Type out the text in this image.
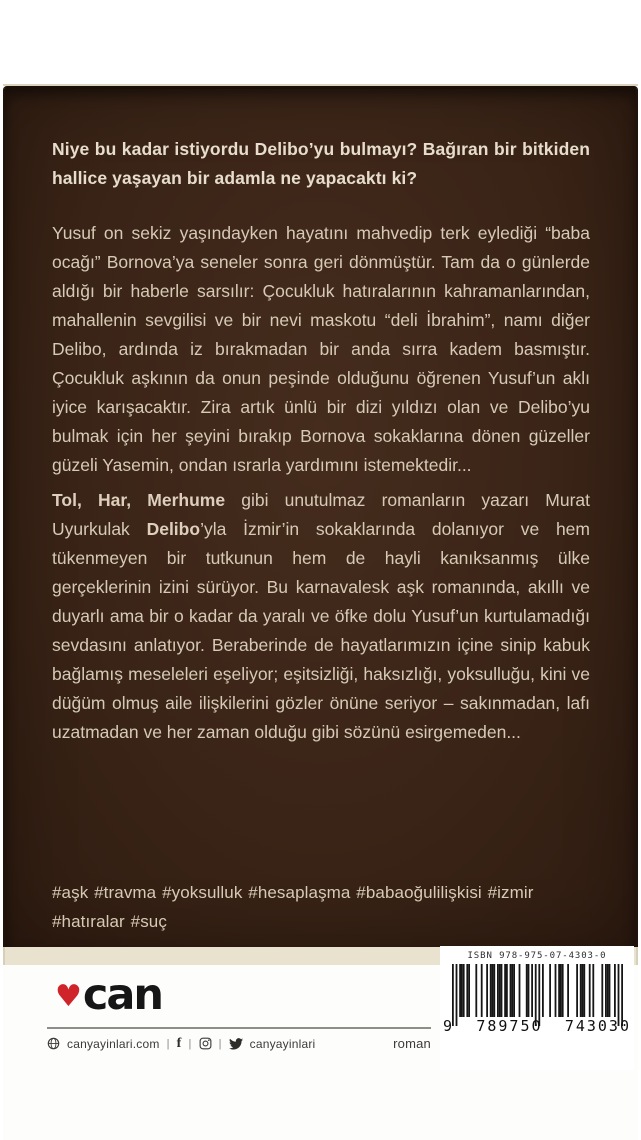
Niye bu kadar istiyordu Delibo’yu bulmayı? Bağıran bir bitkiden hallice yaşayan bir adamla ne yapacaktı ki?

Yusuf on sekiz yaşındayken hayatını mahvedip terk eylediği “baba ocağı” Bornova’ya seneler sonra geri dönmüştür. Tam da o günlerde aldığı bir haberle sarsılır: Çocukluk hatıralarının kahramanlarından, mahallenin sevgilisi ve bir nevi maskotu “deli İbrahim”, namı diğer Delibo, ardında iz bırakmadan bir anda sırra kadem basmıştır. Çocukluk aşkının da onun peşinde olduğunu öğrenen Yusuf’un aklı iyice karışacaktır. Zira artık ünlü bir dizi yıldızı olan ve Delibo’yu bulmak için her şeyini bırakıp Bornova sokaklarına dönen güzeller güzeli Yasemin, ondan ısrarla yardımını istemektedir...

Tol, Har, Merhume gibi unutulmaz romanların yazarı Murat Uyurkulak Delibo’yla İzmir’in sokaklarında dolanıyor ve hem tükenmeyen bir tutkunun hem de hayli kanıksanmış ülke gerçeklerinin izini sürüyor. Bu karnavalesk aşk romanında, akıllı ve duyarlı ama bir o kadar da yaralı ve öfke dolu Yusuf’un kurtulamadığı sevdasını anlatıyor. Beraberinde de hayatlarımızın içine sinip kabuk bağlamış meseleleri eşeliyor; eşitsizliği, haksızlığı, yoksulluğu, kini ve düğüm olmuş aile ilişkilerini gözler önüne seriyor – sakınmadan, lafı uzatmadan ve her zaman olduğu gibi sözünü esirgemeden...

#aşk #travma #yoksulluk #hesaplaşma #babaoğulilişkisi #izmir #hatıralar #suç

♥ can
canyayinlari.com | f | | canyayinlari	roman
ISBN 978-975-07-4303-0
9 789750 743030
